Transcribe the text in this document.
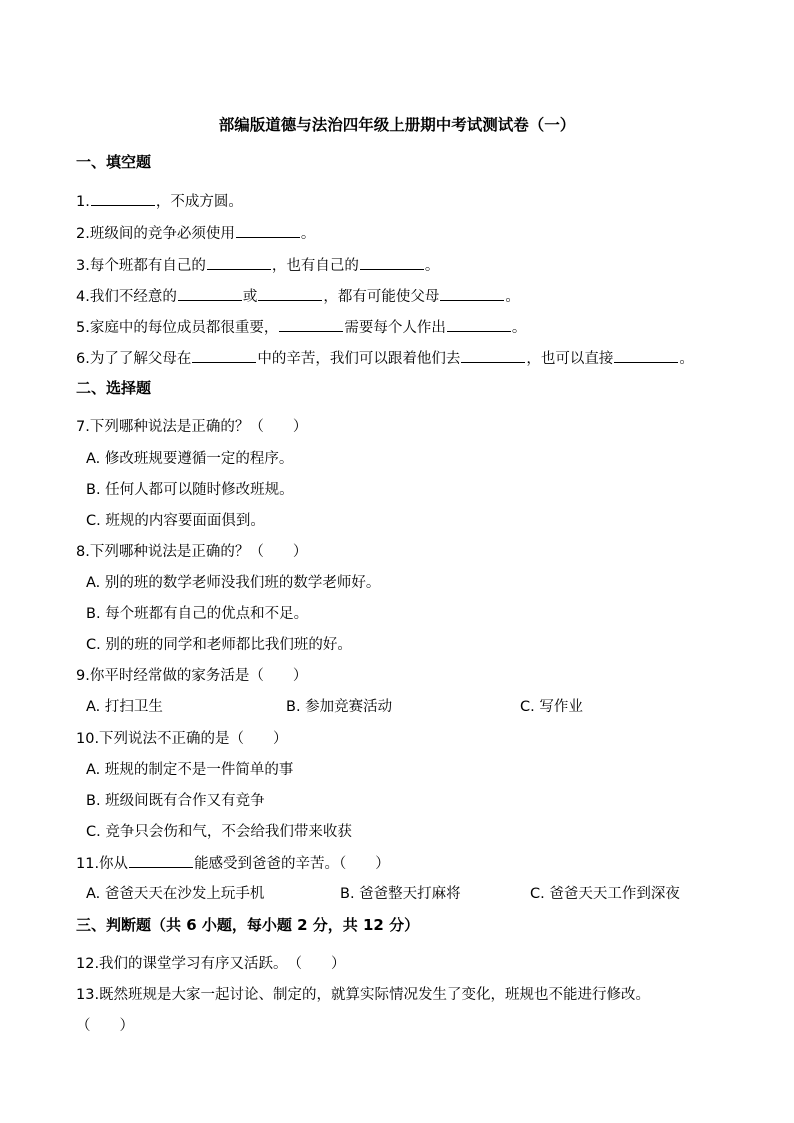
部编版道德与法治四年级上册期中考试测试卷（一）
一、填空题
1.	，不成方圆。
2.班级间的竞争必须使用	。
3.每个班都有自己的	，也有自己的	。
4.我们不经意的	或	，都有可能使父母	。
5.家庭中的每位成员都很重要，	需要每个人作出	。
6.为了了解父母在	中的辛苦，我们可以跟着他们去	，也可以直接	。
二、选择题
7.下列哪种说法是正确的？（　　）
A. 修改班规要遵循一定的程序。
B. 任何人都可以随时修改班规。
C. 班规的内容要面面俱到。
8.下列哪种说法是正确的？（　　）
A. 别的班的数学老师没我们班的数学老师好。
B. 每个班都有自己的优点和不足。
C. 别的班的同学和老师都比我们班的好。
9.你平时经常做的家务活是（　　）
A. 打扫卫生	B. 参加竞赛活动	C. 写作业
10.下列说法不正确的是（　　）
A. 班规的制定不是一件简单的事
B. 班级间既有合作又有竞争
C. 竞争只会伤和气，不会给我们带来收获
11.你从	能感受到爸爸的辛苦。（　　）
A. 爸爸天天在沙发上玩手机	B. 爸爸整天打麻将	C. 爸爸天天工作到深夜
三、判断题（共 6 小题，每小题 2 分，共 12 分）
12.我们的课堂学习有序又活跃。　（　　）
13.既然班规是大家一起讨论、制定的，就算实际情况发生了变化，班规也不能进行修改。
（　　）
